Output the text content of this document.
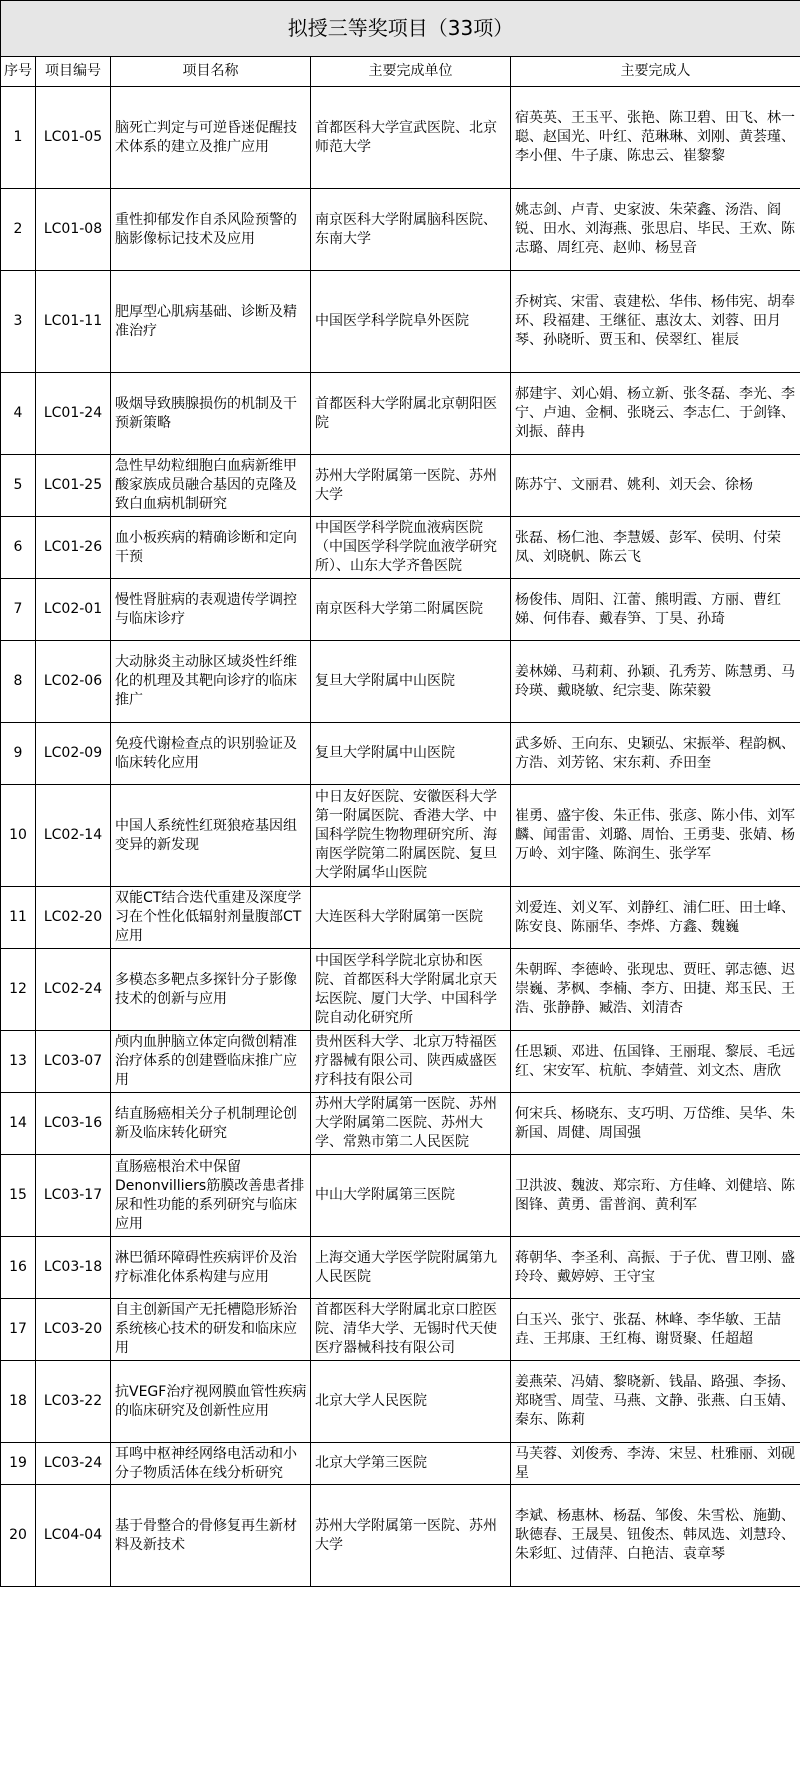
拟授三等奖项目（33项）				
序号	项目编号	项目名称	主要完成单位	主要完成人
1	LC01-05	脑死亡判定与可逆昏迷促醒技术体系的建立及推广应用	首都医科大学宣武医院、北京师范大学	宿英英、王玉平、张艳、陈卫碧、田飞、林一聪、赵国光、叶红、范琳琳、刘刚、黄荟瑾、李小俚、牛子康、陈忠云、崔黎黎
2	LC01-08	重性抑郁发作自杀风险预警的脑影像标记技术及应用	南京医科大学附属脑科医院、东南大学	姚志剑、卢青、史家波、朱荣鑫、汤浩、阎锐、田水、刘海燕、张思启、毕民、王欢、陈志璐、周红亮、赵帅、杨昱音
3	LC01-11	肥厚型心肌病基础、诊断及精准治疗	中国医学科学院阜外医院	乔树宾、宋雷、袁建松、华伟、杨伟宪、胡奉环、段福建、王继征、惠汝太、刘蓉、田月琴、孙晓昕、贾玉和、侯翠红、崔辰
4	LC01-24	吸烟导致胰腺损伤的机制及干预新策略	首都医科大学附属北京朝阳医院	郝建宇、刘心娟、杨立新、张冬磊、李光、李宁、卢迪、金桐、张晓云、李志仁、于剑锋、刘振、薛冉
5	LC01-25	急性早幼粒细胞白血病新维甲酸家族成员融合基因的克隆及致白血病机制研究	苏州大学附属第一医院、苏州大学	陈苏宁、文丽君、姚利、刘天会、徐杨
6	LC01-26	血小板疾病的精确诊断和定向干预	中国医学科学院血液病医院（中国医学科学院血液学研究所）、山东大学齐鲁医院	张磊、杨仁池、李慧媛、彭军、侯明、付荣凤、刘晓帆、陈云飞
7	LC02-01	慢性肾脏病的表观遗传学调控与临床诊疗	南京医科大学第二附属医院	杨俊伟、周阳、江蕾、熊明霞、方丽、曹红娣、何伟春、戴春笋、丁昊、孙琦
8	LC02-06	大动脉炎主动脉区域炎性纤维化的机理及其靶向诊疗的临床推广	复旦大学附属中山医院	姜林娣、马莉莉、孙颖、孔秀芳、陈慧勇、马玲瑛、戴晓敏、纪宗斐、陈荣毅
9	LC02-09	免疫代谢检查点的识别验证及临床转化应用	复旦大学附属中山医院	武多娇、王向东、史颖弘、宋振举、程韵枫、方浩、刘芳铭、宋东莉、乔田奎
10	LC02-14	中国人系统性红斑狼疮基因组变异的新发现	中日友好医院、安徽医科大学第一附属医院、香港大学、中国科学院生物物理研究所、海南医学院第二附属医院、复旦大学附属华山医院	崔勇、盛宇俊、朱正伟、张彦、陈小伟、刘军麟、闻雷雷、刘璐、周怡、王勇斐、张婧、杨万岭、刘宇隆、陈润生、张学军
11	LC02-20	双能CT结合迭代重建及深度学习在个性化低辐射剂量腹部CT应用	大连医科大学附属第一医院	刘爱连、刘义军、刘静红、浦仁旺、田士峰、陈安良、陈丽华、李烨、方鑫、魏巍
12	LC02-24	多模态多靶点多探针分子影像技术的创新与应用	中国医学科学院北京协和医院、首都医科大学附属北京天坛医院、厦门大学、中国科学院自动化研究所	朱朝晖、李德岭、张现忠、贾旺、郭志德、迟崇巍、茅枫、李楠、李方、田捷、郑玉民、王浩、张静静、臧浩、刘清杏
13	LC03-07	颅内血肿脑立体定向微创精准治疗体系的创建暨临床推广应用	贵州医科大学、北京万特福医疗器械有限公司、陕西威盛医疗科技有限公司	任思颖、邓进、伍国锋、王丽琨、黎辰、毛远红、宋安军、杭航、李婧萱、刘文杰、唐欣
14	LC03-16	结直肠癌相关分子机制理论创新及临床转化研究	苏州大学附属第一医院、苏州大学附属第二医院、苏州大学、常熟市第二人民医院	何宋兵、杨晓东、支巧明、万岱维、吴华、朱新国、周健、周国强
15	LC03-17	直肠癌根治术中保留Denonvilliers筋膜改善患者排尿和性功能的系列研究与临床应用	中山大学附属第三医院	卫洪波、魏波、郑宗珩、方佳峰、刘健培、陈图锋、黄勇、雷普润、黄利军
16	LC03-18	淋巴循环障碍性疾病评价及治疗标准化体系构建与应用	上海交通大学医学院附属第九人民医院	蒋朝华、李圣利、高振、于子优、曹卫刚、盛玲玲、戴婷婷、王守宝
17	LC03-20	自主创新国产无托槽隐形矫治系统核心技术的研发和临床应用	首都医科大学附属北京口腔医院、清华大学、无锡时代天使医疗器械科技有限公司	白玉兴、张宁、张磊、林峰、李华敏、王喆垚、王邦康、王红梅、谢贤聚、任超超
18	LC03-22	抗VEGF治疗视网膜血管性疾病的临床研究及创新性应用	北京大学人民医院	姜燕荣、冯婧、黎晓新、钱晶、路强、李扬、郑晓雪、周莹、马燕、文静、张燕、白玉婧、秦东、陈莉
19	LC03-24	耳鸣中枢神经网络电活动和小分子物质活体在线分析研究	北京大学第三医院	马芙蓉、刘俊秀、李涛、宋昱、杜雅丽、刘砚星
20	LC04-04	基于骨整合的骨修复再生新材料及新技术	苏州大学附属第一医院、苏州大学	李斌、杨惠林、杨磊、邹俊、朱雪松、施勤、耿德春、王晟昊、钮俊杰、韩凤选、刘慧玲、朱彩虹、过倩萍、白艳洁、袁章琴
